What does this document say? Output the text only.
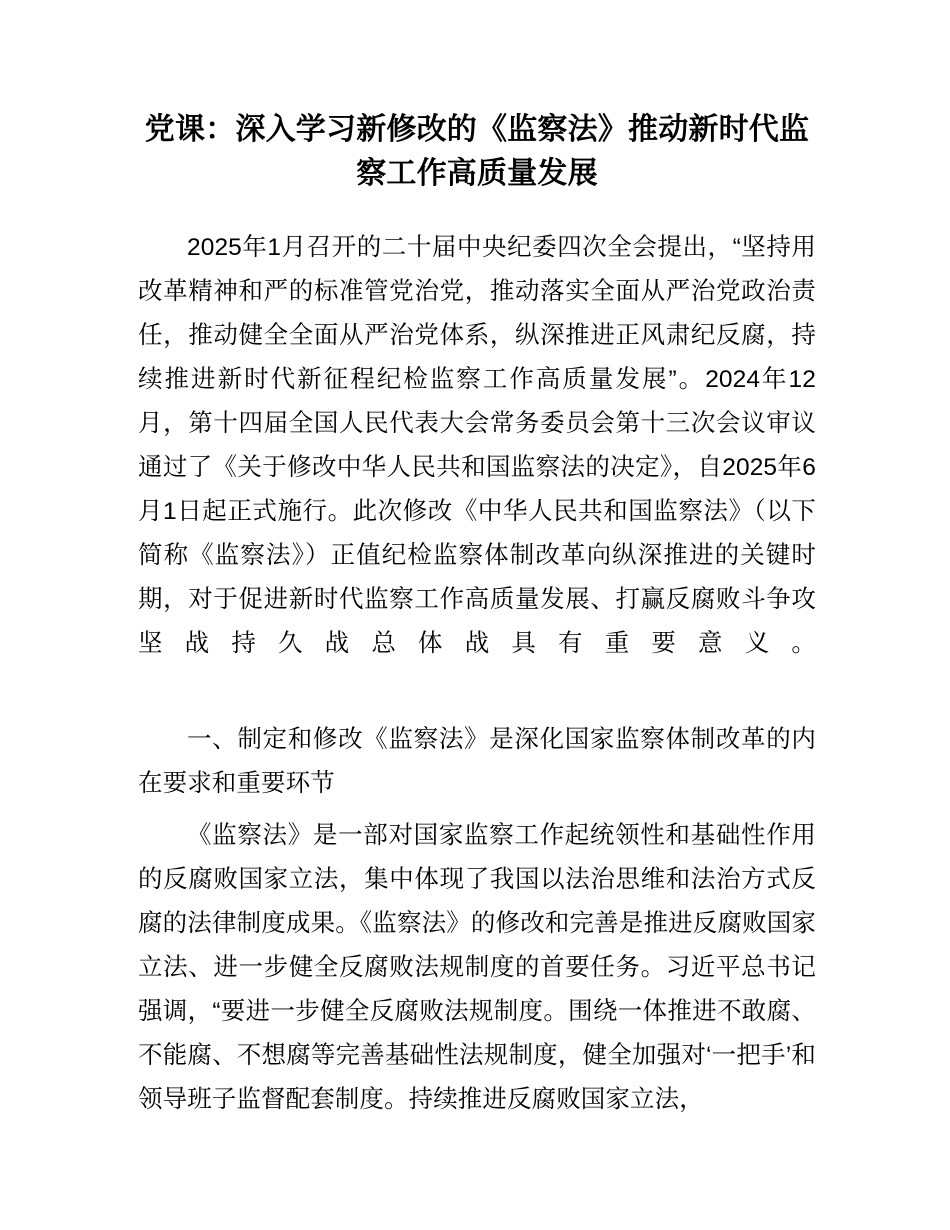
党课：深入学习新修改的《监察法》推动新时代监察工作高质量发展

2025年1月召开的二十届中央纪委四次全会提出，“坚持用改革精神和严的标准管党治党，推动落实全面从严治党政治责任，推动健全全面从严治党体系，纵深推进正风肃纪反腐，持续推进新时代新征程纪检监察工作高质量发展”。2024年12月，第十四届全国人民代表大会常务委员会第十三次会议审议通过了《关于修改中华人民共和国监察法的决定》，自2025年6月1日起正式施行。此次修改《中华人民共和国监察法》（以下简称《监察法》）正值纪检监察体制改革向纵深推进的关键时期，对于促进新时代监察工作高质量发展、打赢反腐败斗争攻坚战持久战总体战具有重要意义。

一、制定和修改《监察法》是深化国家监察体制改革的内在要求和重要环节

《监察法》是一部对国家监察工作起统领性和基础性作用的反腐败国家立法，集中体现了我国以法治思维和法治方式反腐的法律制度成果。《监察法》的修改和完善是推进反腐败国家立法、进一步健全反腐败法规制度的首要任务。习近平总书记强调，“要进一步健全反腐败法规制度。围绕一体推进不敢腐、不能腐、不想腐等完善基础性法规制度，健全加强对‘一把手’和领导班子监督配套制度。持续推进反腐败国家立法，
